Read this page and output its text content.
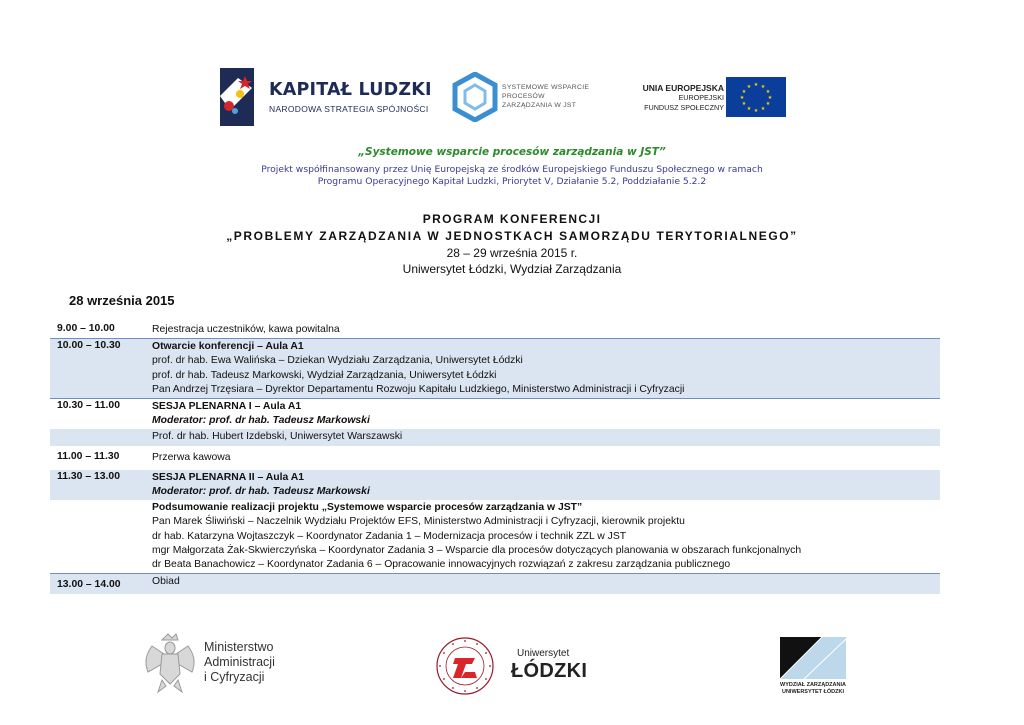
KAPITAŁ LUDZKI
NARODOWA STRATEGIA SPÓJNOŚCI
SYSTEMOWE WSPARCIE
PROCESÓW
ZARZĄDZANIA W JST
UNIA EUROPEJSKA
EUROPEJSKI
FUNDUSZ SPOŁECZNY
★ ★
★
★
★
★
★
★
★
★
★
★
„Systemowe wsparcie procesów zarządzania w JST”
Projekt współfinansowany przez Unię Europejską ze środków Europejskiego Funduszu Społecznego w ramach
Programu Operacyjnego Kapitał Ludzki, Priorytet V, Działanie 5.2, Poddziałanie 5.2.2
PROGRAM KONFERENCJI
„PROBLEMY ZARZĄDZANIA W JEDNOSTKACH SAMORZĄDU TERYTORIALNEGO”
28 – 29 września 2015 r.
Uniwersytet Łódzki, Wydział Zarządzania
28 września 2015
9.00 – 10.00	Rejestracja uczestników, kawa powitalna
10.00 – 10.30	Otwarcie konferencji – Aula A1
prof. dr hab. Ewa Walińska – Dziekan Wydziału Zarządzania, Uniwersytet Łódzki
prof. dr hab. Tadeusz Markowski, Wydział Zarządzania, Uniwersytet Łódzki
Pan Andrzej Trzęsiara – Dyrektor Departamentu Rozwoju Kapitału Ludzkiego, Ministerstwo Administracji i Cyfryzacji
10.30 – 11.00	SESJA PLENARNA I – Aula A1
Moderator: prof. dr hab. Tadeusz Markowski
Prof. dr hab. Hubert Izdebski, Uniwersytet Warszawski
11.00 – 11.30	Przerwa kawowa
11.30 – 13.00	SESJA PLENARNA II – Aula A1
Moderator: prof. dr hab. Tadeusz Markowski
Podsumowanie realizacji projektu „Systemowe wsparcie procesów zarządzania w JST”
Pan Marek Śliwiński – Naczelnik Wydziału Projektów EFS, Ministerstwo Administracji i Cyfryzacji, kierownik projektu
dr hab. Katarzyna Wojtaszczyk – Koordynator Zadania 1 – Modernizacja procesów i technik ZZL w JST
mgr Małgorzata Żak-Skwierczyńska – Koordynator Zadania 3 – Wsparcie dla procesów dotyczących planowania w obszarach funkcjonalnych
dr Beata Banachowicz – Koordynator Zadania 6 – Opracowanie innowacyjnych rozwiązań z zakresu zarządzania publicznego
13.00 – 14.00	Obiad
Ministerstwo
Administracji
i Cyfryzacji
Uniwersytet
ŁÓDZKI
WYDZIAŁ ZARZĄDZANIA
UNIWERSYTET ŁÓDZKI
